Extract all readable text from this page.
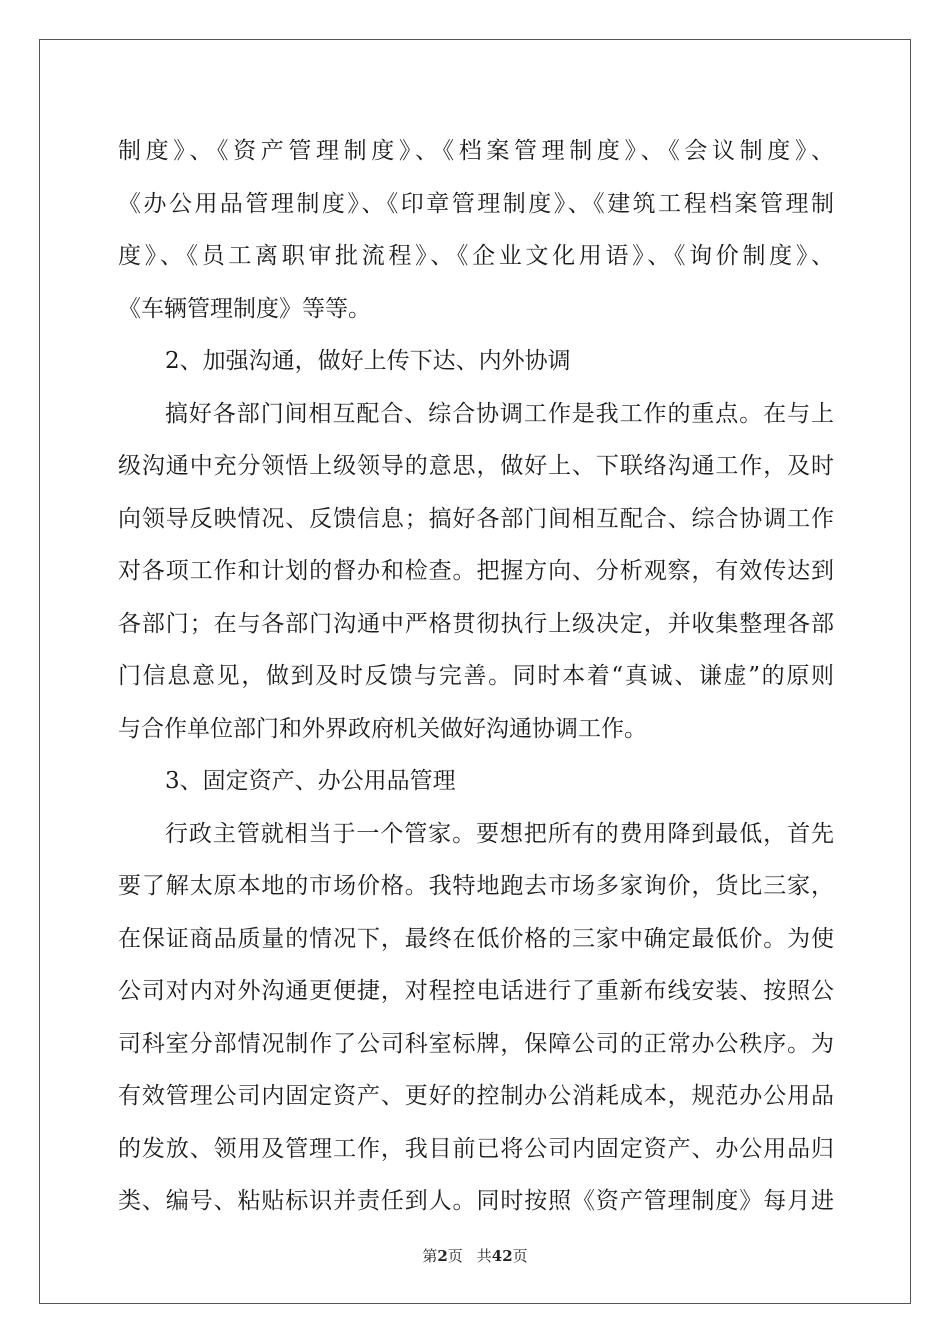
制度》、《资产管理制度》、《档案管理制度》、《会议制度》、
《办公用品管理制度》、《印章管理制度》、《建筑工程档案管理制
度》、《员工离职审批流程》、《企业文化用语》、《询价制度》、
《车辆管理制度》等等。
2、加强沟通，做好上传下达、内外协调
搞好各部门间相互配合、综合协调工作是我工作的重点。在与上
级沟通中充分领悟上级领导的意思，做好上、下联络沟通工作，及时
向领导反映情况、反馈信息；搞好各部门间相互配合、综合协调工作
对各项工作和计划的督办和检查。把握方向、分析观察，有效传达到
各部门；在与各部门沟通中严格贯彻执行上级决定，并收集整理各部
门信息意见，做到及时反馈与完善。同时本着“真诚、谦虚”的原则
与合作单位部门和外界政府机关做好沟通协调工作。
3、固定资产、办公用品管理
行政主管就相当于一个管家。要想把所有的费用降到最低，首先
要了解太原本地的市场价格。我特地跑去市场多家询价，货比三家，
在保证商品质量的情况下，最终在低价格的三家中确定最低价。为使
公司对内对外沟通更便捷，对程控电话进行了重新布线安装、按照公
司科室分部情况制作了公司科室标牌，保障公司的正常办公秩序。为
有效管理公司内固定资产、更好的控制办公消耗成本，规范办公用品
的发放、领用及管理工作，我目前已将公司内固定资产、办公用品归
类、编号、粘贴标识并责任到人。同时按照《资产管理制度》每月进
第2页 共42页
